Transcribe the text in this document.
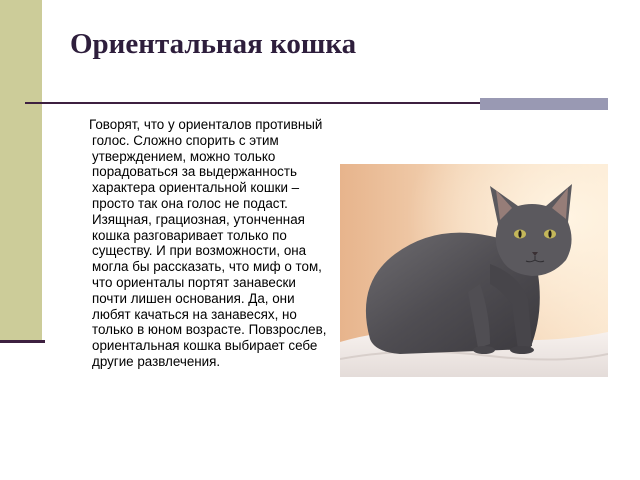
Ориентальная кошка
Говорят, что у ориенталов противный голос. Сложно спорить с этим утверждением, можно только порадоваться за выдержанность характера ориентальной кошки – просто так она голос не подаст. Изящная, грациозная, утонченная кошка разговаривает только по существу. И при возможности, она могла бы рассказать, что миф о том, что ориенталы портят занавески почти лишен основания. Да, они любят качаться на занавесях, но только в юном возрасте. Повзрослев, ориентальная кошка выбирает себе другие развлечения.
